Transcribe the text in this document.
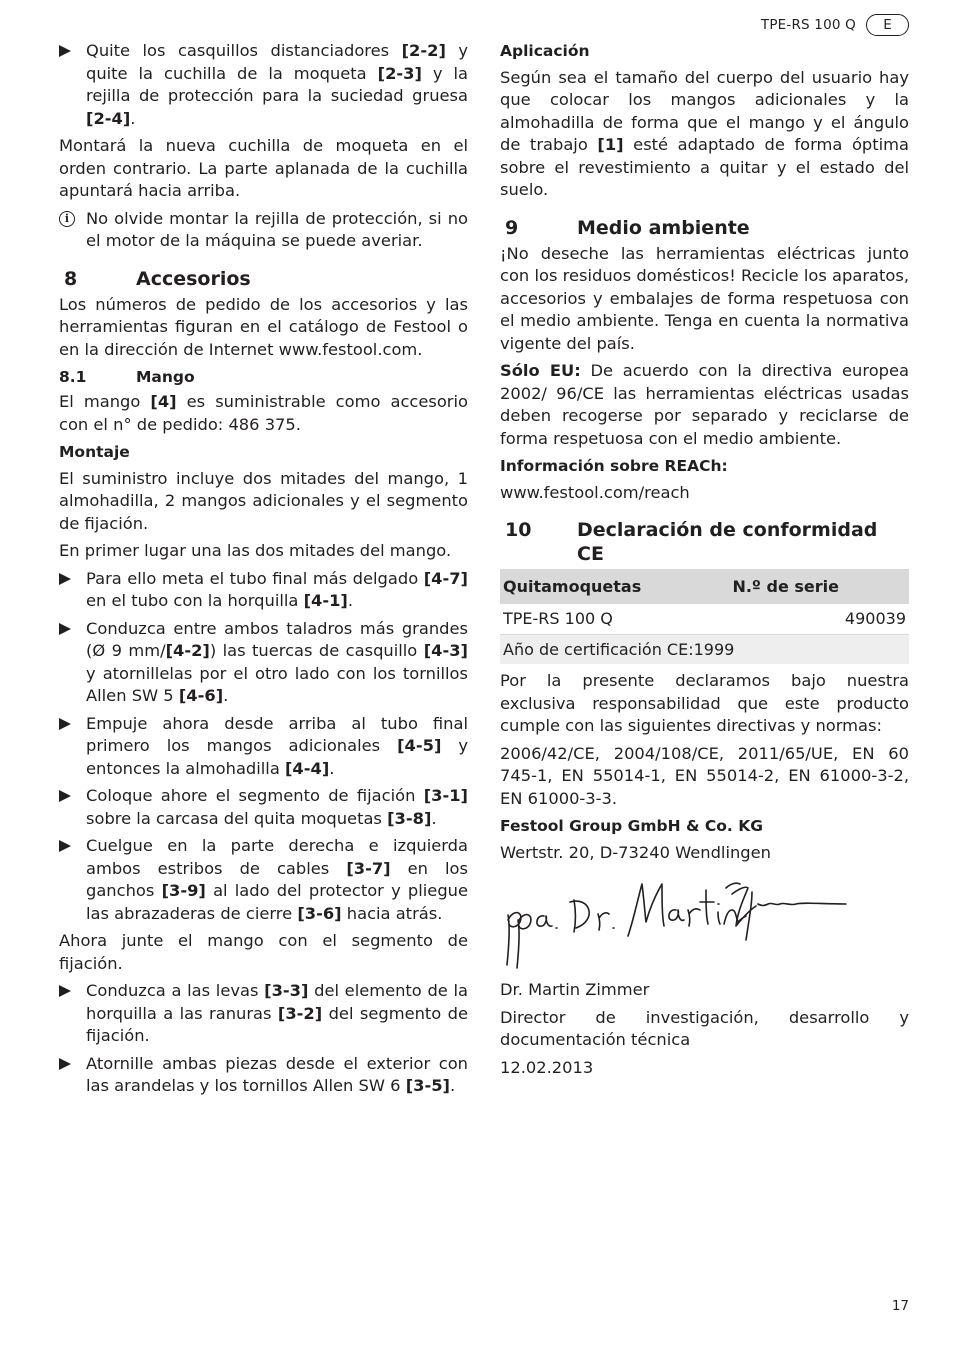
TPE-RS 100 Q	E
Quite los casquillos distanciadores [2-2] y quite la cuchilla de la moqueta [2-3] y la rejilla de protección para la suciedad gruesa [2-4].

Montará la nueva cuchilla de moqueta en el orden contrario. La parte aplanada de la cuchilla apuntará hacia arriba.

i	No olvide montar la rejilla de protección, si no el motor de la máquina se puede averiar.
8	Accesorios

Los números de pedido de los accesorios y las herramientas figuran en el catálogo de Festool o en la dirección de Internet www.festool.com.

8.1	Mango

El mango [4] es suministrable como accesorio con el n° de pedido: 486 375.

Montaje

El suministro incluye dos mitades del mango, 1 almohadilla, 2 mangos adicionales y el segmento de fijación.

En primer lugar una las dos mitades del mango.

Para ello meta el tubo final más delgado [4-7] en el tubo con la horquilla [4-1].
Conduzca entre ambos taladros más grandes (Ø 9 mm/[4-2]) las tuercas de casquillo [4-3] y atornillelas por el otro lado con los tornillos Allen SW 5 [4-6].
Empuje ahora desde arriba al tubo final primero los mangos adicionales [4-5] y entonces la almohadilla [4-4].
Coloque ahore el segmento de fijación [3-1] sobre la carcasa del quita moquetas [3-8].
Cuelgue en la parte derecha e izquierda ambos estribos de cables [3-7] en los ganchos [3-9] al lado del protector y pliegue las abrazaderas de cierre [3-6] hacia atrás.

Ahora junte el mango con el segmento de fijación.

Conduzca a las levas [3-3] del elemento de la horquilla a las ranuras [3-2] del segmento de fijación.
Atornille ambas piezas desde el exterior con las arandelas y los tornillos Allen SW 6 [3-5].
Aplicación

Según sea el tamaño del cuerpo del usuario hay que colocar los mangos adicionales y la almohadilla de forma que el mango y el ángulo de trabajo [1] esté adaptado de forma óptima sobre el revestimiento a quitar y el estado del suelo.

9	Medio ambiente

¡No deseche las herramientas eléctricas junto con los residuos domésticos! Recicle los aparatos, accesorios y embalajes de forma respetuosa con el medio ambiente. Tenga en cuenta la normativa vigente del país.

Sólo EU: De acuerdo con la directiva europea 2002/ 96/CE las herramientas eléctricas usadas deben recogerse por separado y reciclarse de forma respetuosa con el medio ambiente.

Información sobre REACh:

www.festool.com/reach

10	Declaración de conformidad CE
Quitamoquetas	N.º de serie
TPE-RS 100 Q	490039
Año de certificación CE:1999	

Por la presente declaramos bajo nuestra exclusiva responsabilidad que este producto cumple con las siguientes directivas y normas:

2006/42/CE, 2004/108/CE, 2011/65/UE, EN 60 745-1, EN 55014-1, EN 55014-2, EN 61000-3-2, EN 61000-3-3.

Festool Group GmbH & Co. KG

Wertstr. 20, D-73240 Wendlingen

Dr. Martin Zimmer

Director de investigación, desarrollo y documentación técnica

12.02.2013

17
